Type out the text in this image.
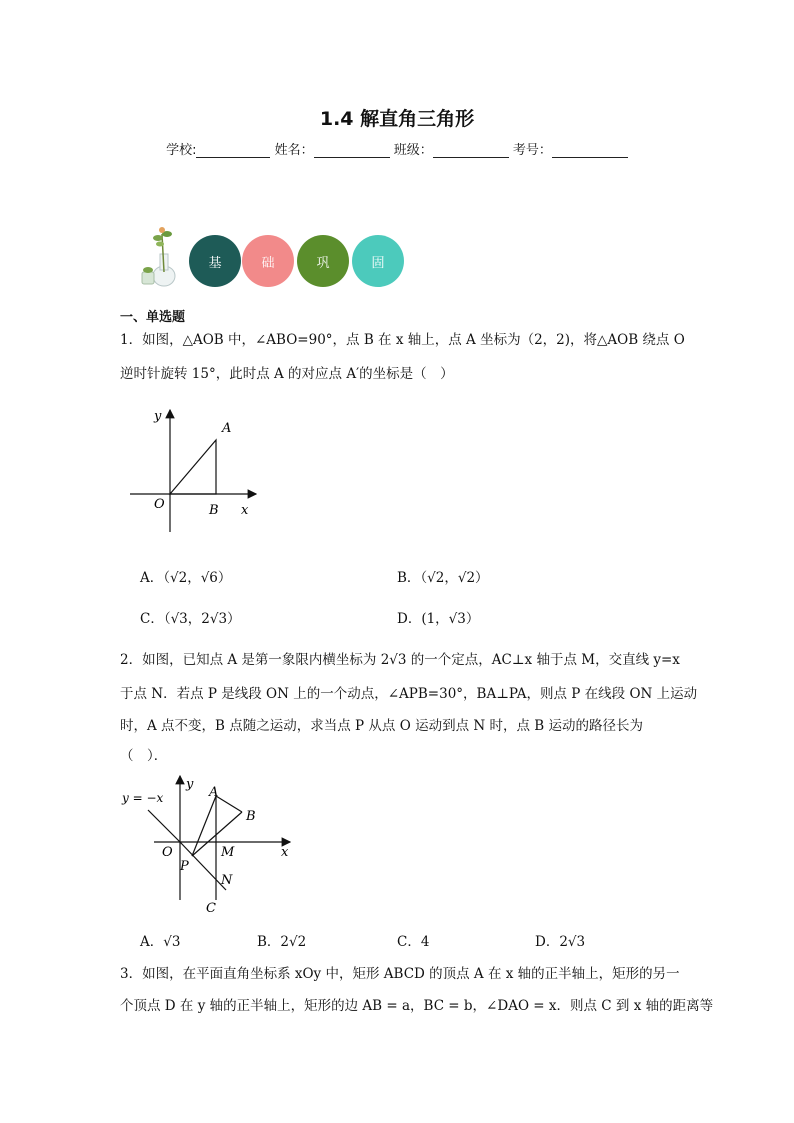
1.4 解直角三角形
学校:	姓名：	班级：	考号：
基	础	巩	固
一、单选题
1．如图，△AOB 中，∠ABO=90°，点 B 在 x 轴上，点 A 坐标为（2，2)，将△AOB 绕点 O
逆时针旋转 15°，此时点 A 的对应点 A′的坐标是（　）
y
x
O
A
B
A．（√2，√6）	B．（√2，√2）
C．（√3，2√3）	D．(1，√3）
2．如图，已知点 A 是第一象限内横坐标为 2√3 的一个定点，AC⊥x 轴于点 M，交直线 y=x
于点 N．若点 P 是线段 ON 上的一个动点，∠APB=30°，BA⊥PA，则点 P 在线段 ON 上运动
时，A 点不变，B 点随之运动，求当点 P 从点 O 运动到点 N 时，点 B 运动的路径长为
（　）．
y = −x
y
x
O
A
B
M
P
N
C
A．√3	B．2√2	C．4	D．2√3
3．如图，在平面直角坐标系 xOy 中，矩形 ABCD 的顶点 A 在 x 轴的正半轴上，矩形的另一
个顶点 D 在 y 轴的正半轴上，矩形的边 AB = a，BC = b，∠DAO = x．则点 C 到 x 轴的距离等
